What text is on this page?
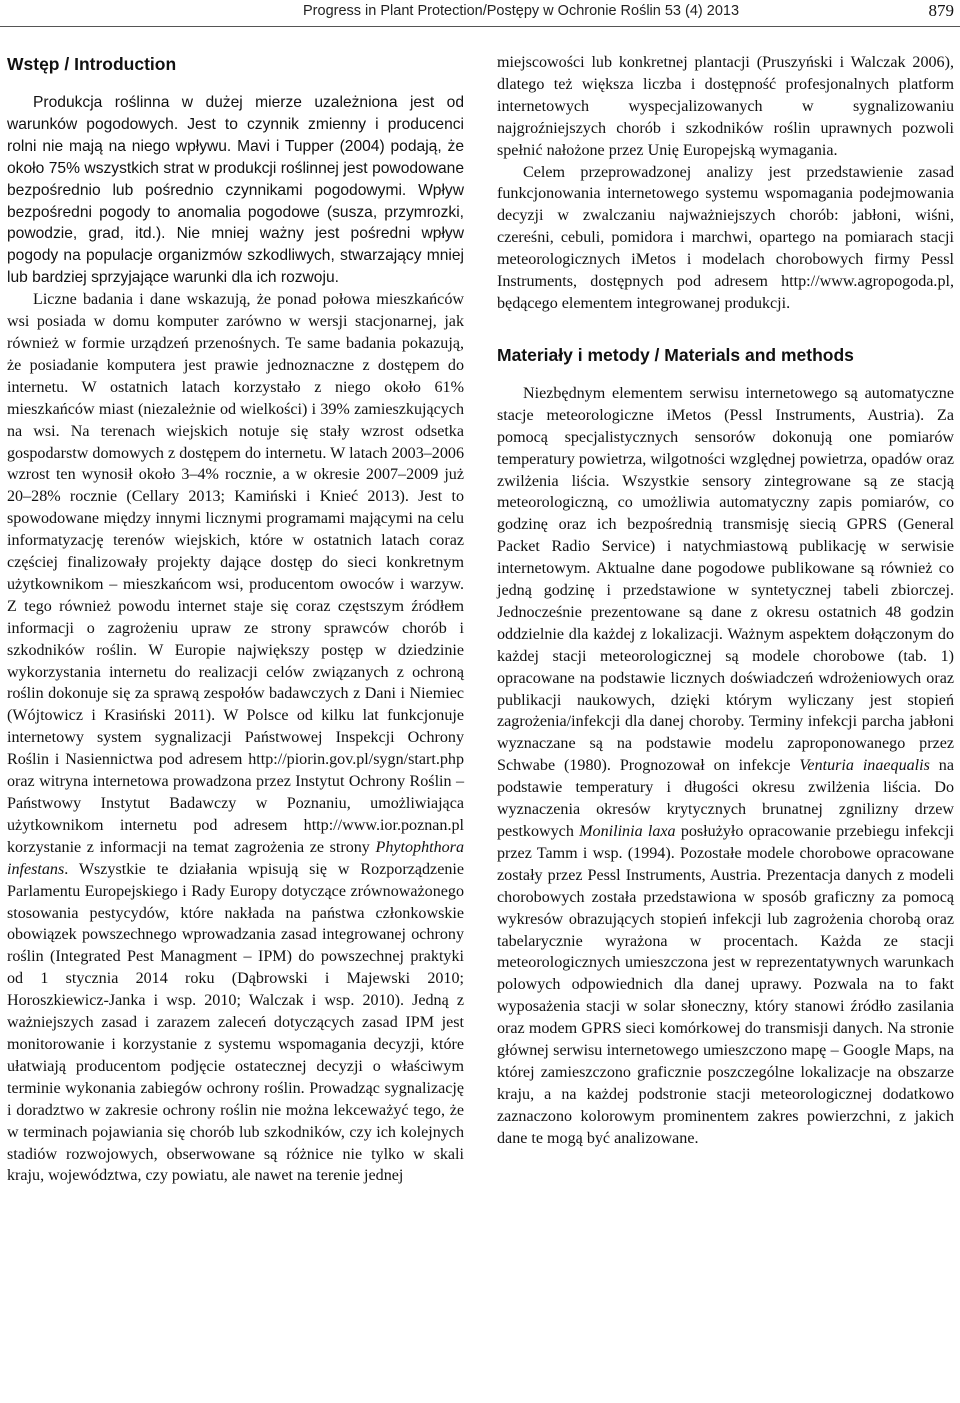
Progress in Plant Protection/Postępy w Ochronie Roślin 53 (4) 2013	879
Wstęp / Introduction

Produkcja roślinna w dużej mierze uzależniona jest od warunków pogodowych. Jest to czynnik zmienny i producenci rolni nie mają na niego wpływu. Mavi i Tupper (2004) podają, że około 75% wszystkich strat w produkcji roślinnej jest powodowane bezpośrednio lub pośrednio czynnikami pogodowymi. Wpływ bezpośredni pogody to anomalia pogodowe (susza, przymrozki, powodzie, grad, itd.). Nie mniej ważny jest pośredni wpływ pogody na populacje organizmów szkodliwych, stwarzający mniej lub bardziej sprzyjające warunki dla ich rozwoju.

Liczne badania i dane wskazują, że ponad połowa mieszkańców wsi posiada w domu komputer zarówno w wersji stacjonarnej, jak również w formie urządzeń przenośnych. Te same badania pokazują, że posiadanie komputera jest prawie jednoznaczne z dostępem do internetu. W ostatnich latach korzystało z niego około 61% mieszkańców miast (niezależnie od wielkości) i 39% zamieszkujących na wsi. Na terenach wiejskich notuje się stały wzrost odsetka gospodarstw domowych z dostępem do internetu. W latach 2003–2006 wzrost ten wynosił około 3–4% rocznie, a w okresie 2007–2009 już 20–28% rocznie (Cellary 2013; Kamiński i Knieć 2013). Jest to spowodowane między innymi licznymi programami mającymi na celu informatyzację terenów wiejskich, które w ostatnich latach coraz częściej finalizowały projekty dające dostęp do sieci konkretnym użytkownikom – mieszkańcom wsi, producentom owoców i warzyw. Z tego również powodu internet staje się coraz częstszym źródłem informacji o zagrożeniu upraw ze strony sprawców chorób i szkodników roślin. W Europie największy postęp w dziedzinie wykorzystania internetu do realizacji celów związanych z ochroną roślin dokonuje się za sprawą zespołów badawczych z Dani i Niemiec (Wójtowicz i Krasiński 2011). W Polsce od kilku lat funkcjonuje internetowy system sygnalizacji Państwowej Inspekcji Ochrony Roślin i Nasiennictwa pod adresem http://piorin.gov.pl/sygn/start.php oraz witryna internetowa prowadzona przez Instytut Ochrony Roślin – Państwowy Instytut Badawczy w Poznaniu, umożliwiająca użytkownikom internetu pod adresem http://www.ior.poznan.pl korzystanie z informacji na temat zagrożenia ze strony Phytophthora infestans. Wszystkie te działania wpisują się w Rozporządzenie Parlamentu Europejskiego i Rady Europy dotyczące zrównoważonego stosowania pestycydów, które nakłada na państwa członkowskie obowiązek powszechnego wprowadzania zasad integrowanej ochrony roślin (Integrated Pest Managment – IPM) do powszechnej praktyki od 1 stycznia 2014 roku (Dąbrowski i Majewski 2010; Horoszkiewicz-Janka i wsp. 2010; Walczak i wsp. 2010). Jedną z ważniejszych zasad i zarazem zaleceń dotyczących zasad IPM jest monitorowanie i korzystanie z systemu wspomagania decyzji, które ułatwiają producentom podjęcie ostatecznej decyzji o właściwym terminie wykonania zabiegów ochrony roślin. Prowadząc sygnalizację i doradztwo w zakresie ochrony roślin nie można lekceważyć tego, że w terminach pojawiania się chorób lub szkodników, czy ich kolejnych stadiów rozwojowych, obserwowane są różnice nie tylko w skali kraju, województwa, czy powiatu, ale nawet na terenie jednej

miejscowości lub konkretnej plantacji (Pruszyński i Walczak 2006), dlatego też większa liczba i dostępność profesjonalnych platform internetowych wyspecjalizowanych w sygnalizowaniu najgroźniejszych chorób i szkodników roślin uprawnych pozwoli spełnić nałożone przez Unię Europejską wymagania.

Celem przeprowadzonej analizy jest przedstawienie zasad funkcjonowania internetowego systemu wspomagania podejmowania decyzji w zwalczaniu najważniejszych chorób: jabłoni, wiśni, czereśni, cebuli, pomidora i marchwi, opartego na pomiarach stacji meteorologicznych iMetos i modelach chorobowych firmy Pessl Instruments, dostępnych pod adresem http://www.agropogoda.pl, będącego elementem integrowanej produkcji.

Materiały i metody / Materials and methods

Niezbędnym elementem serwisu internetowego są automatyczne stacje meteorologiczne iMetos (Pessl Instruments, Austria). Za pomocą specjalistycznych sensorów dokonują one pomiarów temperatury powietrza, wilgotności względnej powietrza, opadów oraz zwilżenia liścia. Wszystkie sensory zintegrowane są ze stacją meteorologiczną, co umożliwia automatyczny zapis pomiarów, co godzinę oraz ich bezpośrednią transmisję siecią GPRS (General Packet Radio Service) i natychmiastową publikację w serwisie internetowym. Aktualne dane pogodowe publikowane są również co jedną godzinę i przedstawione w syntetycznej tabeli zbiorczej. Jednocześnie prezentowane są dane z okresu ostatnich 48 godzin oddzielnie dla każdej z lokalizacji. Ważnym aspektem dołączonym do każdej stacji meteorologicznej są modele chorobowe (tab. 1) opracowane na podstawie licznych doświadczeń wdrożeniowych oraz publikacji naukowych, dzięki którym wyliczany jest stopień zagrożenia/infekcji dla danej choroby. Terminy infekcji parcha jabłoni wyznaczane są na podstawie modelu zaproponowanego przez Schwabe (1980). Prognozował on infekcje Venturia inaequalis na podstawie temperatury i długości okresu zwilżenia liścia. Do wyznaczenia okresów krytycznych brunatnej zgnilizny drzew pestkowych Monilinia laxa posłużyło opracowanie przebiegu infekcji przez Tamm i wsp. (1994). Pozostałe modele chorobowe opracowane zostały przez Pessl Instruments, Austria. Prezentacja danych z modeli chorobowych została przedstawiona w sposób graficzny za pomocą wykresów obrazujących stopień infekcji lub zagrożenia chorobą oraz tabelarycznie wyrażona w procentach. Każda ze stacji meteorologicznych umieszczona jest w reprezentatywnych warunkach polowych odpowiednich dla danej uprawy. Pozwala na to fakt wyposażenia stacji w solar słoneczny, który stanowi źródło zasilania oraz modem GPRS sieci komórkowej do transmisji danych. Na stronie głównej serwisu internetowego umieszczono mapę – Google Maps, na której zamieszczono graficznie poszczególne lokalizacje na obszarze kraju, a na każdej podstronie stacji meteorologicznej dodatkowo zaznaczono kolorowym prominentem zakres powierzchni, z jakich dane te mogą być analizowane.
